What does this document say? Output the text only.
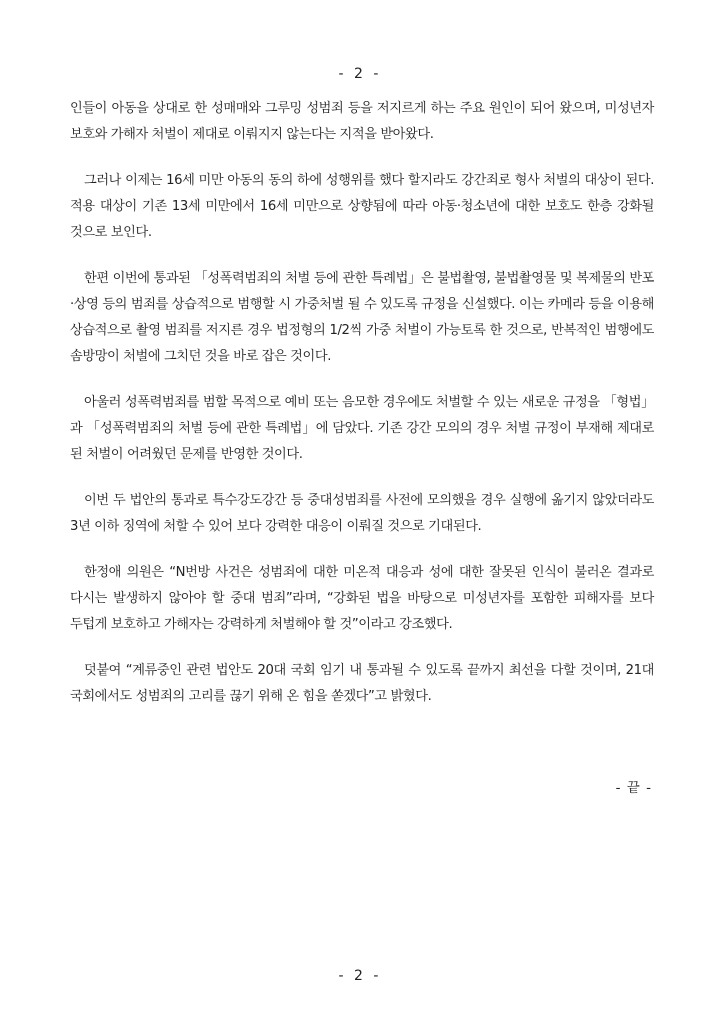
- 2 -

인들이 아동을 상대로 한 성매매와 그루밍 성범죄 등을 저지르게 하는 주요 원인이 되어 왔으며, 미성년자 보호와 가해자 처벌이 제대로 이뤄지지 않는다는 지적을 받아왔다.

그러나 이제는 16세 미만 아동의 동의 하에 성행위를 했다 할지라도 강간죄로 형사 처벌의 대상이 된다. 적용 대상이 기존 13세 미만에서 16세 미만으로 상향됨에 따라 아동·청소년에 대한 보호도 한층 강화될 것으로 보인다.

한편 이번에 통과된 「성폭력범죄의 처벌 등에 관한 특례법」은 불법촬영, 불법촬영물 및 복제물의 반포·상영 등의 범죄를 상습적으로 범행할 시 가중처벌 될 수 있도록 규정을 신설했다. 이는 카메라 등을 이용해 상습적으로 촬영 범죄를 저지른 경우 법정형의 1/2씩 가중 처벌이 가능토록 한 것으로, 반복적인 범행에도 솜방망이 처벌에 그치던 것을 바로 잡은 것이다.

아울러 성폭력범죄를 범할 목적으로 예비 또는 음모한 경우에도 처벌할 수 있는 새로운 규정을 「형법」과 「성폭력범죄의 처벌 등에 관한 특례법」에 담았다. 기존 강간 모의의 경우 처벌 규정이 부재해 제대로 된 처벌이 어려웠던 문제를 반영한 것이다.

이번 두 법안의 통과로 특수강도강간 등 중대성범죄를 사전에 모의했을 경우 실행에 옮기지 않았더라도 3년 이하 징역에 처할 수 있어 보다 강력한 대응이 이뤄질 것으로 기대된다.

한정애 의원은 “N번방 사건은 성범죄에 대한 미온적 대응과 성에 대한 잘못된 인식이 불러온 결과로 다시는 발생하지 않아야 할 중대 범죄”라며, “강화된 법을 바탕으로 미성년자를 포함한 피해자를 보다 두텁게 보호하고 가해자는 강력하게 처벌해야 할 것”이라고 강조했다.

덧붙여 “계류중인 관련 법안도 20대 국회 임기 내 통과될 수 있도록 끝까지 최선을 다할 것이며, 21대 국회에서도 성범죄의 고리를 끊기 위해 온 힘을 쏟겠다”고 밝혔다.

- 끝 -
- 2 -
